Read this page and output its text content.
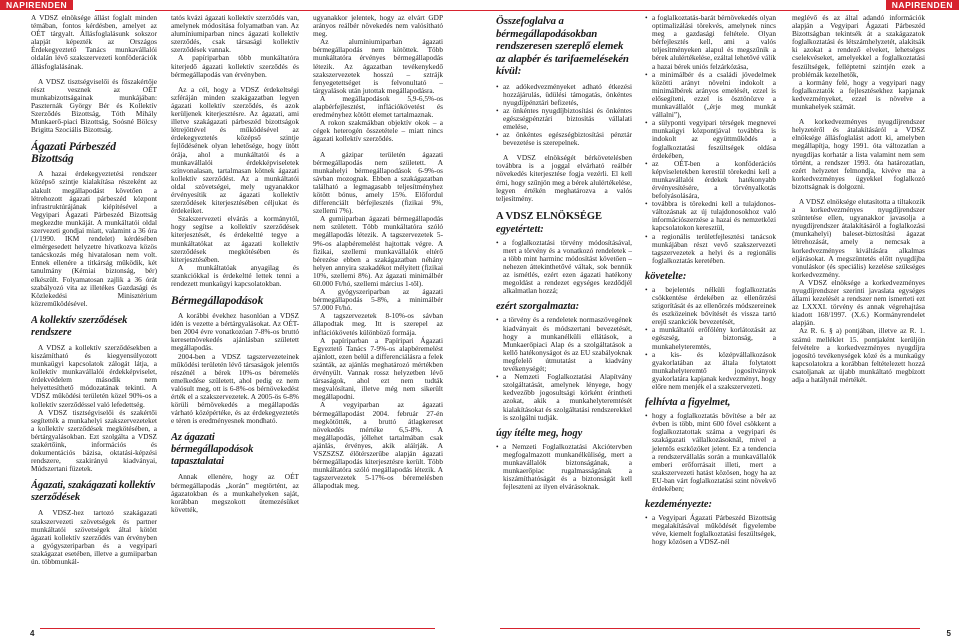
NAPIRENDEN	NAPIRENDEN

A VDSZ elnöksége állást foglalt minden témában, fontos kérdésben, amelyet az OÉT tárgyalt. Állásfoglalásunk sokszor alapját képezték az Országos Érdekegyeztető Tanács munkavállalói oldalán lévő szakszervezeti konföderációk állásfoglalásának.

A VDSZ tisztségviselői és főszakértője részt vesznek az OÉT munkabizottságainak munkájában: Paszternák György Bér és Kollektív Szerződés Bizottság, Tóth Mihály Munkaerő-piaci Bizottság, Soósné Bölcsy Brigitta Szociális Bizottság.

Ágazati Párbeszéd Bizottság

A hazai érdekegyeztetési rendszer középső szintje kialakítása részeként az alakult megállapodást követően a létrehozott ágazati párbeszéd központ infrastruktúrájának kiépítésével a Vegyipari Ágazati Párbeszéd Bizottság megkezdte munkáját. A munkáltatói oldal szervezeti gondjai miatt, valamint a 36 óra (1/1990. IKM rendelet) kérdésében elmérgesedett helyzetre hivatkozva közös tanácskozás még hivatalosan nem volt. Ennek ellenére a titkárság működik, két tanulmány (Kémiai biztonság, bér) elkészült. Folyamatosan zajlik a 36 órát szabályozó vita az illetékes Gazdasági és Közlekedési Minisztérium közreműködésével.

A kollektív szerződések rendszere

A VDSZ a kollektív szerződésekben a kiszámítható és kiegyensúlyozott munkaügyi kapcsolatok zálogát látja, a kollektív munkavállalói érdekképviselet, érdekvédelem második nem helyettesíthető módozatának tekinti. A VDSZ működési területén közel 90%-os a kollektív szerződéssel való lefedettség.

A VDSZ tisztségviselői és szakértői segítették a munkahelyi szakszervezeteket a kollektív szerződések megkötésében, a bértárgyalásokban. Ezt szolgálta a VDSZ szakértőink, információs és dokumentációs bázisa, oktatási-képzési rendszere, szakirányú kiadványai, Múdszertani füzetek.

Ágazati, szakágazati kollektív szerződések

A VDSZ-hez tartozó szakágazati szakszervezeti szövetségek és partner munkáltatói szövetségek által kötött ágazati kollektív szerződés van érvényben a gyógyszeriparban és a vegyipari szakágazat esetében, illetve a gumiiparban ún. többmunkál-

tatós kvázi ágazati kollektív szerződés van, amelynek módosítása folyamatban van. Az alumíniumiparban nincs ágazati kollektív szerződés, csak társasági kollektív szerződések vannak.

A papíriparban több munkáltatóra kiterjedő ágazati kollektív szerződés és bérmegállapodás van érvényben.

Az a cél, hogy a VDSZ érdekeltségi szféráján minden szakágazatban legyen ágazati kollektív szerződés, és azok kerüljenek kiterjesztésre. Az ágazati, ami illetve szakágazati párbeszéd bizottságok létrejöttével és működésével az érdekegyeztetés középső szintje fejlődésének olyan lehetősége, hogy ütött órája, ahol a munkáltatói és a munkavállalói érdekképviseletek színvonalasan, tartalmasan kötnek ágazati kollektív szerződést. Az a munkáltatói oldal szövetségei, mely ugyanakkor érvényesítik az ágazati kollektív szerződések kiterjesztésében céljukat és érdekeiket.

Szakszervezeti elvárás a kormánytól, hogy segítse a kollektív szerződések kiterjesztését, és érdekeltté tegye a munkáltatókat az ágazati kollektív szerződések megkötésében és kiterjesztésében.

A munkáltatóak anyagilag és szankciókkal is érdekeltté lettek tenni a rendezett munkaügyi kapcsolatokban.

Bérmegállapodások

A korábbi évekhez hasonlóan a VDSZ idén is vezette a bértárgyalásokat. Az OÉT-ben 2004 évre vonatkozóan 7-8%-os bruttó keresetnövekedés ajánlásban született megállapodás.

2004-ben a VDSZ tagszervezeteinek működési területén lévő társaságok jelentős részénél a bérek 10%-os béremelés emelkedése született, ahol pedig ez nem valósult meg, ott is 6-8%-os bérnövekedést érték el a szakszervezetek. A 2005-ös 6-8% körüli bérnövekedés a megállapodás várható középértéke, és az érdekegyeztetés e téren is eredményesnek mondható.

Az ágazati bérmegállapodások tapasztalatai

Annak ellenére, hogy az OÉT bérmegállapodás „korán” megtörtént, az ágazatokban és a munkahelyeken saját, korábban megszokott ütemezésüket követték,

ugyanakkor jelentek, hogy az elvárt GDP arányos reálbér növekedés nem valósítható meg.

Az alumíniumiparban ágazati bérmegállapodás nem kötöttek. Több munkáltatóra érvényes bérmegállapodás létezik. Az ágazatban tevékenykedő szakszervezetek hosszú – sztrájk fenyegetettséget is felvonultató – tárgyalások után jutottak megállapodásra.

A megállapodások 5,9-6,5%-os alapbérfejlesztést, inflációkövetést és eredményhez kötött elemet tartalmaznak.

A rokon szakmákban objektív okok – a cégek heterogén összetétele – miatt nincs ágazati kollektív szerződés.

A gázipar területén ágazati bérmegállapodás nem született. A munkahelyi bérmegállapodások 6-9%-os sávban mozognak. Ebben a szakágazatban található a legmagasabb teljesítményhez kötött bónus, amely 15%. Előfordul differenciált bérfejlesztés (fizikai 9%, szellemi 7%).

A gumiiparban ágazati bérmegállapodás nem született. Több munkáltatóra szóló megállapodás létezik. A tagszervezetek 5-9%-os alapbéremelést hajtottak végre. A fizikai, szellemi munkavállalók eltérő bérezése ebben a szakágazatban néhány helyen annyira szakadékot mélyített (fizikai 10%, szellemi 8%). Az ágazati minimálbér 60.000 Ft/hó, szellemi március 1-től).

A gyógyszeriparban az ágazati bérmegállapodás 5-8%, a minimálbér 57.000 Ft/hó.

A tagszervezetek 8-10%-os sávban állapodtak meg. Itt is szerepel az inflációkövetés különböző formája.

A papíriparban a Papíripari Ágazati Egyeztető Tanács 7-9%-os alapbéremelést ajánlott, ezen belül a differenciálásra a felek szánták, az ajánlás meghatározó mértékben érvényült. Vannak rossz helyzetben lévő társaságok, ahol ezt nem tudták megvalósítani, illetve még nem sikerült megállapodni.

A vegyiparban az ágazati bérmegállapodást 2004. február 27-én megkötötték, a bruttó átlagkereset növekedés mértéke 6,5-8%. A megállapodás, jóllehet tartalmában csak ajánlás, érvényes, akik aláírják. A VSZSZSZ élőtérszerűbe alapján ágazati bérmegállapodás kiterjesztésre került. Több munkáltatóra szóló megállapodás létezik. A tagszervezetek 5-17%-os béremelésben állapodtak meg.

Összefoglalva a bérmegállapodásokban rendszeresen szereplő elemek az alapbér és tarifaemelésekén kívül:
• az adókedvezményeket adható étkezési hozzájárulás, üdülési támogatás, önkéntes nyugdíjpénztári befizetés,
• az önkéntes nyugdíjbiztosítási és önkéntes egészségpénztári biztosítás vállalati emelése,
• az önkéntes egészségbiztosítási pénztár bevezetése is szerepelnek.

A VDSZ elnökségét bérkövetelésben továbbra is a joggal elvárható reálbér növekedés kiterjesztése fogja vezérli. El kell érni, hogy szűnjön meg a bérek alulértékelése, legyen értékén meghatározva a valós teljesítmény.

A VDSZ ELNÖKSÉGE
egyetértett:
• a foglalkoztatási törvény módosításával, mert a törvény és a vonatkozó rendeletek – a több mint harminc módosítást követően – nehezen áttekinthetővé váltak, sok bennük az ismétlés, ezért ezen ágazati hatékony megoldást a rendezet egységes kezdődjél alkalmatlan hozzá;
ezért szorgalmazta:
• a törvény és a rendeletek normaszövegének kiadványait és módszertani bevezetését, hogy a munkanélküli ellátások, a Munkaerőpiaci Alap és a szolgáltatások a kellő hatékonyságot és az EU szabályoknak megfelelő útmutatást a kiadvány tevékenységét;
• a Nemzeti Foglalkoztatási Alapítvány szolgáltatását, amelynek lényege, hogy kedvezőbb jogosultsági körként érintheti azokat, akik a munkahelyteremtését kialakításokat és szolgáltatási rendszerekkel is szolgálni tudják.
úgy ítélte meg, hogy
• a Nemzeti Foglalkoztatási Akciótervben megfogalmazott munkanélküliség, mert a munkavállalók biztonságának, a munkaerőpiac rugalmasságának a kiszámíthatóságát és a biztonságát kell fejleszteni az ilyen elvárásoknak.
• a foglalkoztatás-barát bérnövekedés olyan optimalizálási törekvés, amelynek nincs meg a gazdasági feltétele. Olyan bérfejlesztés kell, ami a valós teljesítményeken alapul és megszűnik a bérek alulértékelése, ezáltal lehetővé válik a hazai bérek uniós felzárkózása,
• a minimálbér és a családi jövedelmek közötti arányt növelni indokolt a minimálbérek arányos emelését, ezzel is elősegíteni, ezzel is ösztönözve a munkavállalót („érje meg munkát vállalni”),
• a sülyponti vegyipari térségek megnevei munkaügyi központjával továbbra is indokolt az együttműködés a foglalkoztatási feszültségek oldása érdekében,
• az OÉT-ben a konföderációs képviseletekben kerestül törekedni kell a munkavállalói érdekek hatékonyabb érvényesítésére, a törvényalkotás befolyásolására,
• továbbra is törekedni kell a tulajdonos-változásnak az új tulajdonosokhoz való információszerzése a hazai és nemzetközi kapcsolatokon keresztül,
• a regionális területfejlesztési tanácsok munkájában részt vevő szakszervezeti tagszervezetek a helyi és a regionális foglalkoztatás keretében.
követelte:
• a bejelentés nélküli foglalkoztatás csökkentése érdekében az ellenőrzési szigorítását és az ellenőrzés módszereinek és eszközeinek bővítését és vissza tartó erejű szankciók bevezetését,
• a munkáltatói erőfölény korlátozását az egészség, a biztonság, a munkahelyteremtés,
• a kis- és középvállalkozások gyakorlatában az általa folytatott munkahelyteremtő jogosítványok gyakorlatára kapjanak kedvezményt, hogy előre nem menjék el a szakszervezeti.
felhívta a figyelmet,
• hogy a foglalkoztatás bővítése a bér az évben is több, mint 600 fővel csökkent a foglalkoztatottak száma a vegyipari és szakágazati vállalkozásoknál, mivel a jelentős eszközöket jelent. Ez a tendencia a rendszervállalás során a munkavállalók emberi erőforrásait illeti, mert a szakszervezeti hatást közösen, hogy ha az EU-ban várt foglalkoztatási szint növekvő érdekében;
kezdeményezte:
• a Vegyipari Ágazati Párbeszéd Bizottság megalakításával működését figyelembe véve, kiemelt foglalkoztatási feszültségek, hogy közösen a VDSZ-nél

meglévő és az által adandó információk alapján a Vegyipari Ágazati Párbeszéd Bizottságban tekintsék át a szakágazatok foglalkoztatási és létszámhelyzetét, alakítsák ki azokat a rendező elveket, lehetséges cselekvéseket, amelyekkel a foglalkoztatási feszültségek, felléptetni szintjén ezek a problémák kezelhetők,

a kormány felé, hogy a vegyipari nagy foglalkoztatók a fejlesztésekhez kapjanak kedvezményeket, ezzel is növelve a munkahelyek számát.

A korkedvezményes nyugdíjrendszer helyzetéről és átalakításáról a VDSZ elnöksége állásfoglalást adott ki, amelyben megállapítja, hogy 1991. óta változatlan a nyugdíjas korhatár a lista valamint nem sem történt, a rendszer 1993. óta határozatlan, ezért helyzetet felmondja, kivéve ma a korkedvezményes ügyekkel foglalkozó bizottságnak is dolgozni.

A VDSZ elnöksége elutasította a tiltakozik a korkedvezményes nyugdíjrendszer szüntetése ellen, ugyanakkor javasolja a nyugdíjrendszer átalakításáról a foglalkozási (munkahelyi) baleset-biztosítási ágazat létrehozását, amely a nemcsak a korkedvezményes kiváltására alkalmas eljárásokat. A megszüntetés előtt nyugdíjba vonuláskor (és speciális) kezelése szükséges korkedvezmény.

A VDSZ elnöksége a korkedvezményes nyugdíjrendszer szerinti javaslata egységes állami kezelését a rendszer nem ismerteti ezt az LXXXI. törvény és annak végrehajtása kiadott 168/1997. (X.6.) Kormányrendelet alapján.

Az R. 6. § a) pontjában, illetve az R. 1. számú melléklet 15. pontjaként kerüljön felvételre a korkedvezményes nyugdíjra jogosító tevékenységek közé és a munkaügy kapcsolatokra a korábban feltételezett hozzá csatoljanak az újabb munkáltató megbízott adja a hatálynál mértékét.

4	5
